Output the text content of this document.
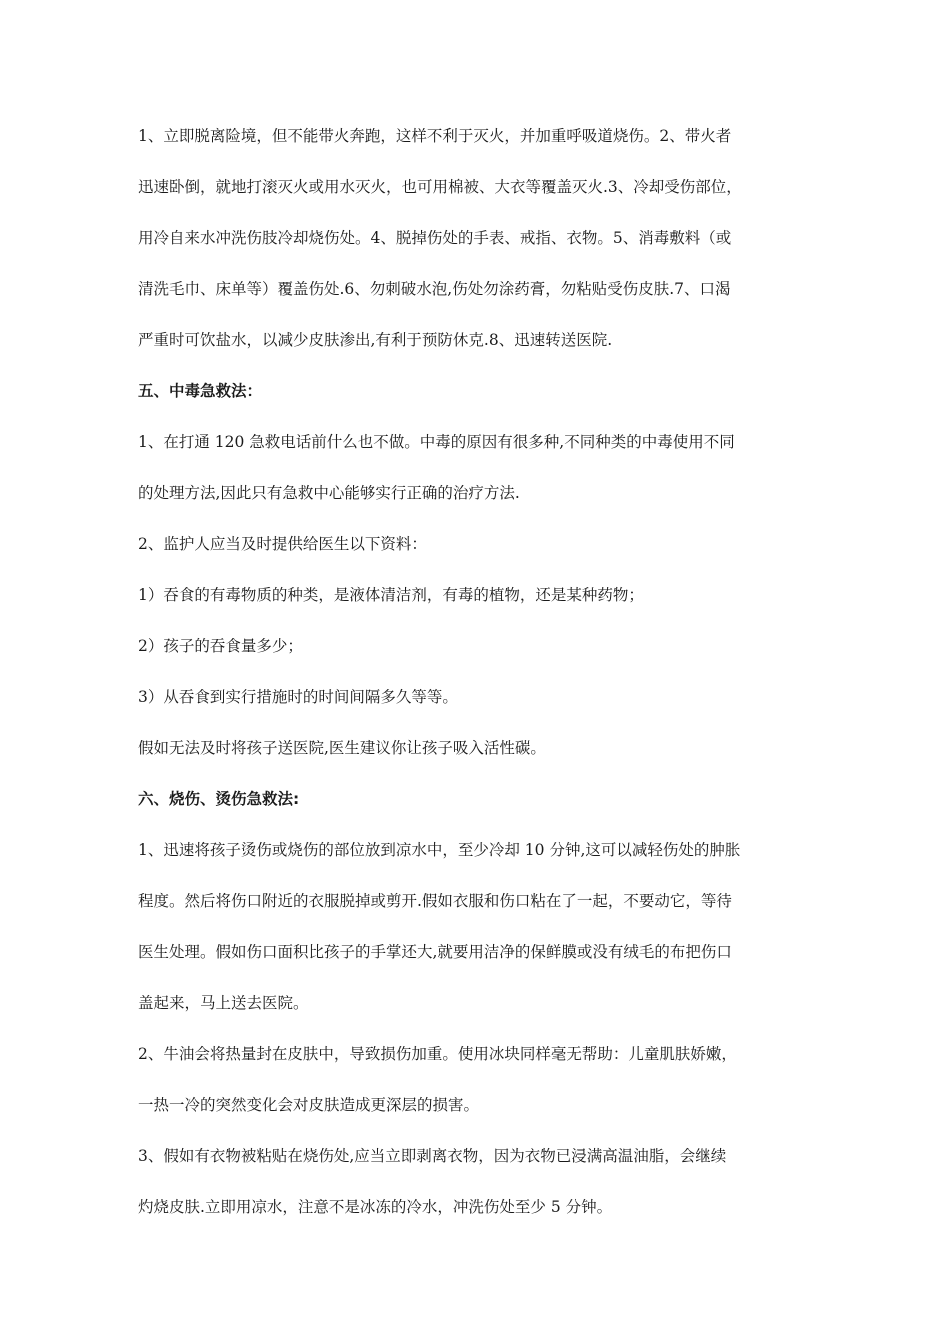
1、立即脱离险境，但不能带火奔跑，这样不利于灭火，并加重呼吸道烧伤。2、带火者
迅速卧倒，就地打滚灭火或用水灭火，也可用棉被、大衣等覆盖灭火.3、冷却受伤部位，
用冷自来水冲洗伤肢冷却烧伤处。4、脱掉伤处的手表、戒指、衣物。5、消毒敷料（或
清洗毛巾、床单等）覆盖伤处.6、勿刺破水泡,伤处勿涂药膏，勿粘贴受伤皮肤.7、口渴
严重时可饮盐水，以减少皮肤渗出,有利于预防休克.8、迅速转送医院.
五、中毒急救法：
1、在打通 120 急救电话前什么也不做。中毒的原因有很多种,不同种类的中毒使用不同
的处理方法,因此只有急救中心能够实行正确的治疗方法.
2、监护人应当及时提供给医生以下资料：
1）吞食的有毒物质的种类，是液体清洁剂，有毒的植物，还是某种药物；
2）孩子的吞食量多少；
3）从吞食到实行措施时的时间间隔多久等等。
假如无法及时将孩子送医院,医生建议你让孩子吸入活性碳。
六、烧伤、烫伤急救法:
1、迅速将孩子烫伤或烧伤的部位放到凉水中，至少冷却 10 分钟,这可以减轻伤处的肿胀
程度。然后将伤口附近的衣服脱掉或剪开.假如衣服和伤口粘在了一起，不要动它，等待
医生处理。假如伤口面积比孩子的手掌还大,就要用洁净的保鲜膜或没有绒毛的布把伤口
盖起来，马上送去医院。
2、牛油会将热量封在皮肤中，导致损伤加重。使用冰块同样毫无帮助：儿童肌肤娇嫩，
一热一冷的突然变化会对皮肤造成更深层的损害。
3、假如有衣物被粘贴在烧伤处,应当立即剥离衣物，因为衣物已浸满高温油脂，会继续
灼烧皮肤.立即用凉水，注意不是冰冻的冷水，冲洗伤处至少 5 分钟。
